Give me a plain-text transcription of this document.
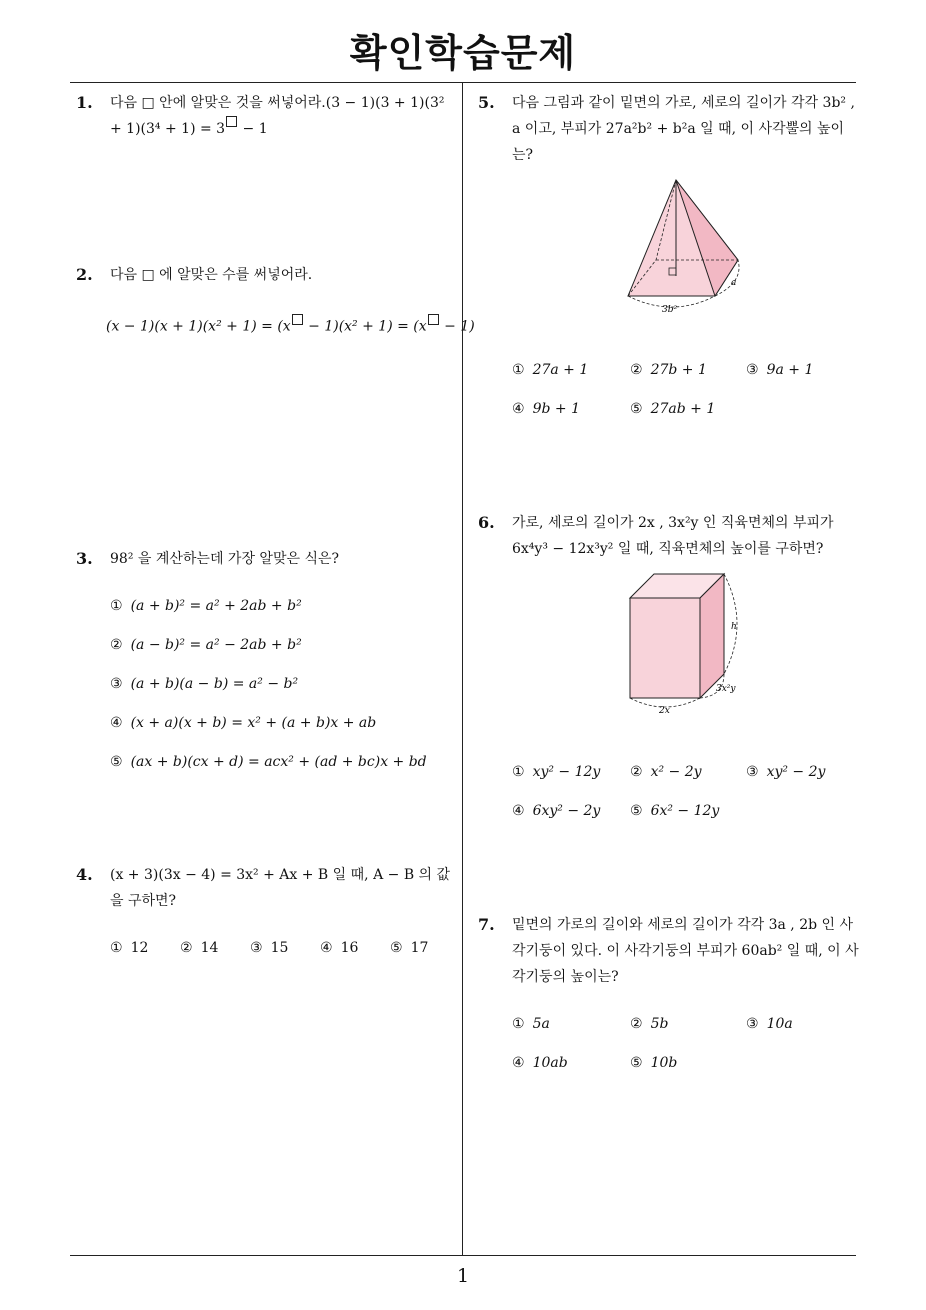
확인학습문제
1. 다음 □ 안에 알맞은 것을 써넣어라.(3 − 1)(3 + 1)(3² + 1)(3⁴ + 1) = 3 − 1
2. 다음 □ 에 알맞은 수를 써넣어라.
(x − 1)(x + 1)(x² + 1) = (x − 1)(x² + 1) = (x − 1)
3. 98² 을 계산하는데 가장 알맞은 식은?
① (a + b)² = a² + 2ab + b²
② (a − b)² = a² − 2ab + b²
③ (a + b)(a − b) = a² − b²
④ (x + a)(x + b) = x² + (a + b)x + ab
⑤ (ax + b)(cx + d) = acx² + (ad + bc)x + bd
4. (x + 3)(3x − 4) = 3x² + Ax + B 일 때, A − B 의 값을 구하면?
① 12 ② 14 ③ 15 ④ 16 ⑤ 17
5. 다음 그림과 같이 밑면의 가로, 세로의 길이가 각각 3b² , a 이고, 부피가 27a²b² + b²a 일 때, 이 사각뿔의 높이는?
a
3b²
① 27a + 1	② 27b + 1	③ 9a + 1
④ 9b + 1	⑤ 27ab + 1
6. 가로, 세로의 길이가 2x , 3x²y 인 직육면체의 부피가 6x⁴y³ − 12x³y² 일 때, 직육면체의 높이를 구하면?
h
3x²y
2x
① xy² − 12y ② x² − 2y	③ xy² − 2y
④ 6xy² − 2y ⑤ 6x² − 12y
7. 밑면의 가로의 길이와 세로의 길이가 각각 3a , 2b 인 사각기둥이 있다. 이 사각기둥의 부피가 60ab² 일 때, 이 사각기둥의 높이는?
① 5a	② 5b	③ 10a
④ 10ab	⑤ 10b
1
